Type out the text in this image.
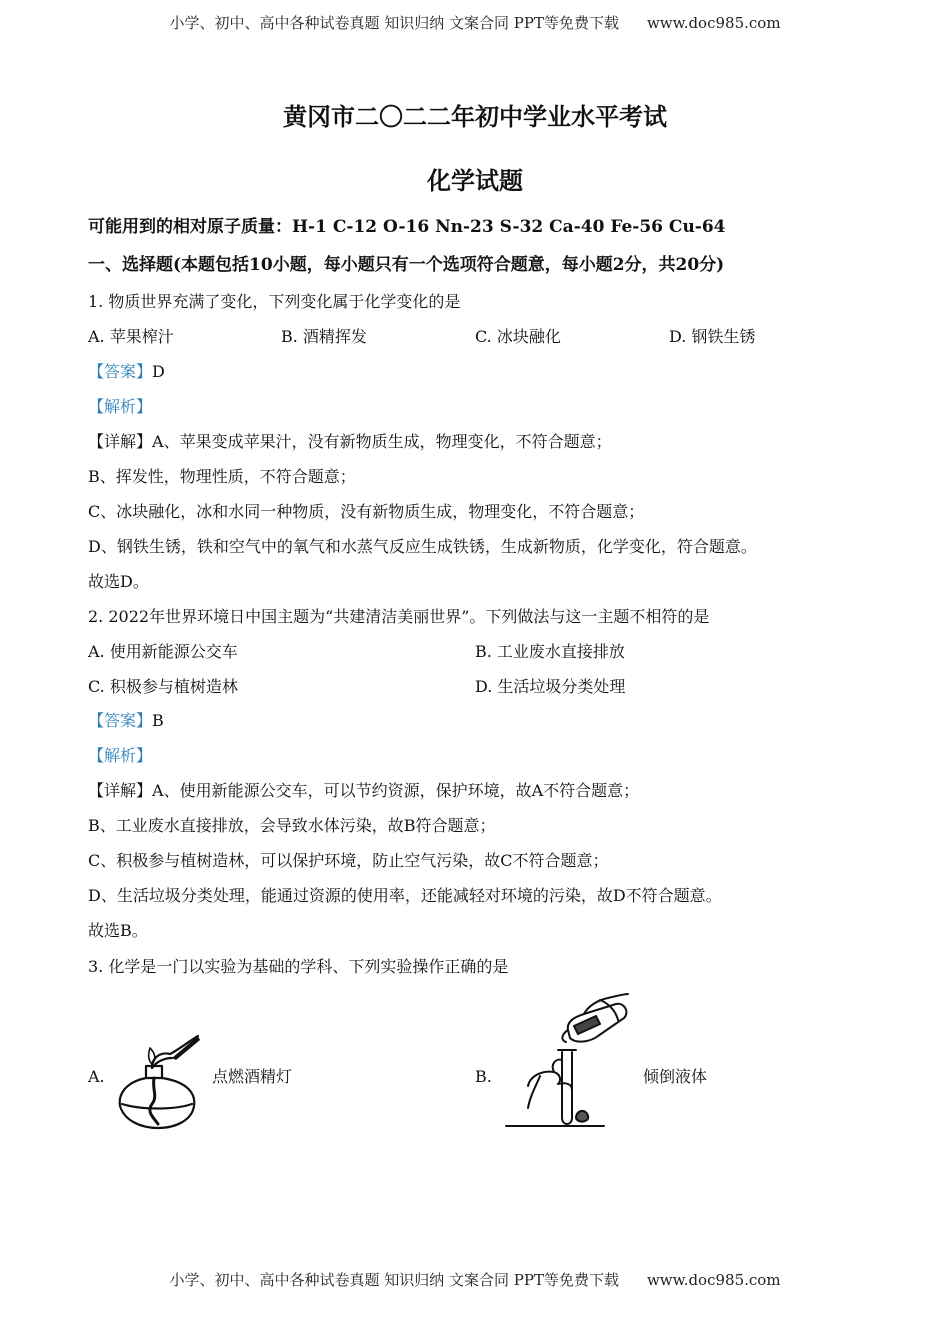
小学、初中、高中各种试卷真题 知识归纳 文案合同 PPT等免费下载 www.doc985.com
黄冈市二〇二二年初中学业水平考试
化学试题
可能用到的相对原子质量：H-1 C-12 O-16 Nn-23 S-32 Ca-40 Fe-56 Cu-64
一、选择题(本题包括10小题，每小题只有一个选项符合题意，每小题2分，共20分)
1. 物质世界充满了变化，下列变化属于化学变化的是
A. 苹果榨汁	B. 酒精挥发	C. 冰块融化	D. 钢铁生锈
【答案】D
【解析】
【详解】A、苹果变成苹果汁，没有新物质生成，物理变化，不符合题意；
B、挥发性，物理性质，不符合题意；
C、冰块融化，冰和水同一种物质，没有新物质生成，物理变化，不符合题意；
D、钢铁生锈，铁和空气中的氧气和水蒸气反应生成铁锈，生成新物质，化学变化，符合题意。
故选D。
2. 2022年世界环境日中国主题为“共建清洁美丽世界”。下列做法与这一主题不相符的是
A. 使用新能源公交车	B. 工业废水直接排放
C. 积极参与植树造林	D. 生活垃圾分类处理
【答案】B
【解析】
【详解】A、使用新能源公交车，可以节约资源，保护环境，故A不符合题意；
B、工业废水直接排放，会导致水体污染，故B符合题意；
C、积极参与植树造林，可以保护环境，防止空气污染，故C不符合题意；
D、生活垃圾分类处理，能通过资源的使用率，还能减轻对环境的污染，故D不符合题意。
故选B。
3. 化学是一门以实验为基础的学科、下列实验操作正确的是
A.	点燃酒精灯	B.	倾倒液体
小学、初中、高中各种试卷真题 知识归纳 文案合同 PPT等免费下载 www.doc985.com
